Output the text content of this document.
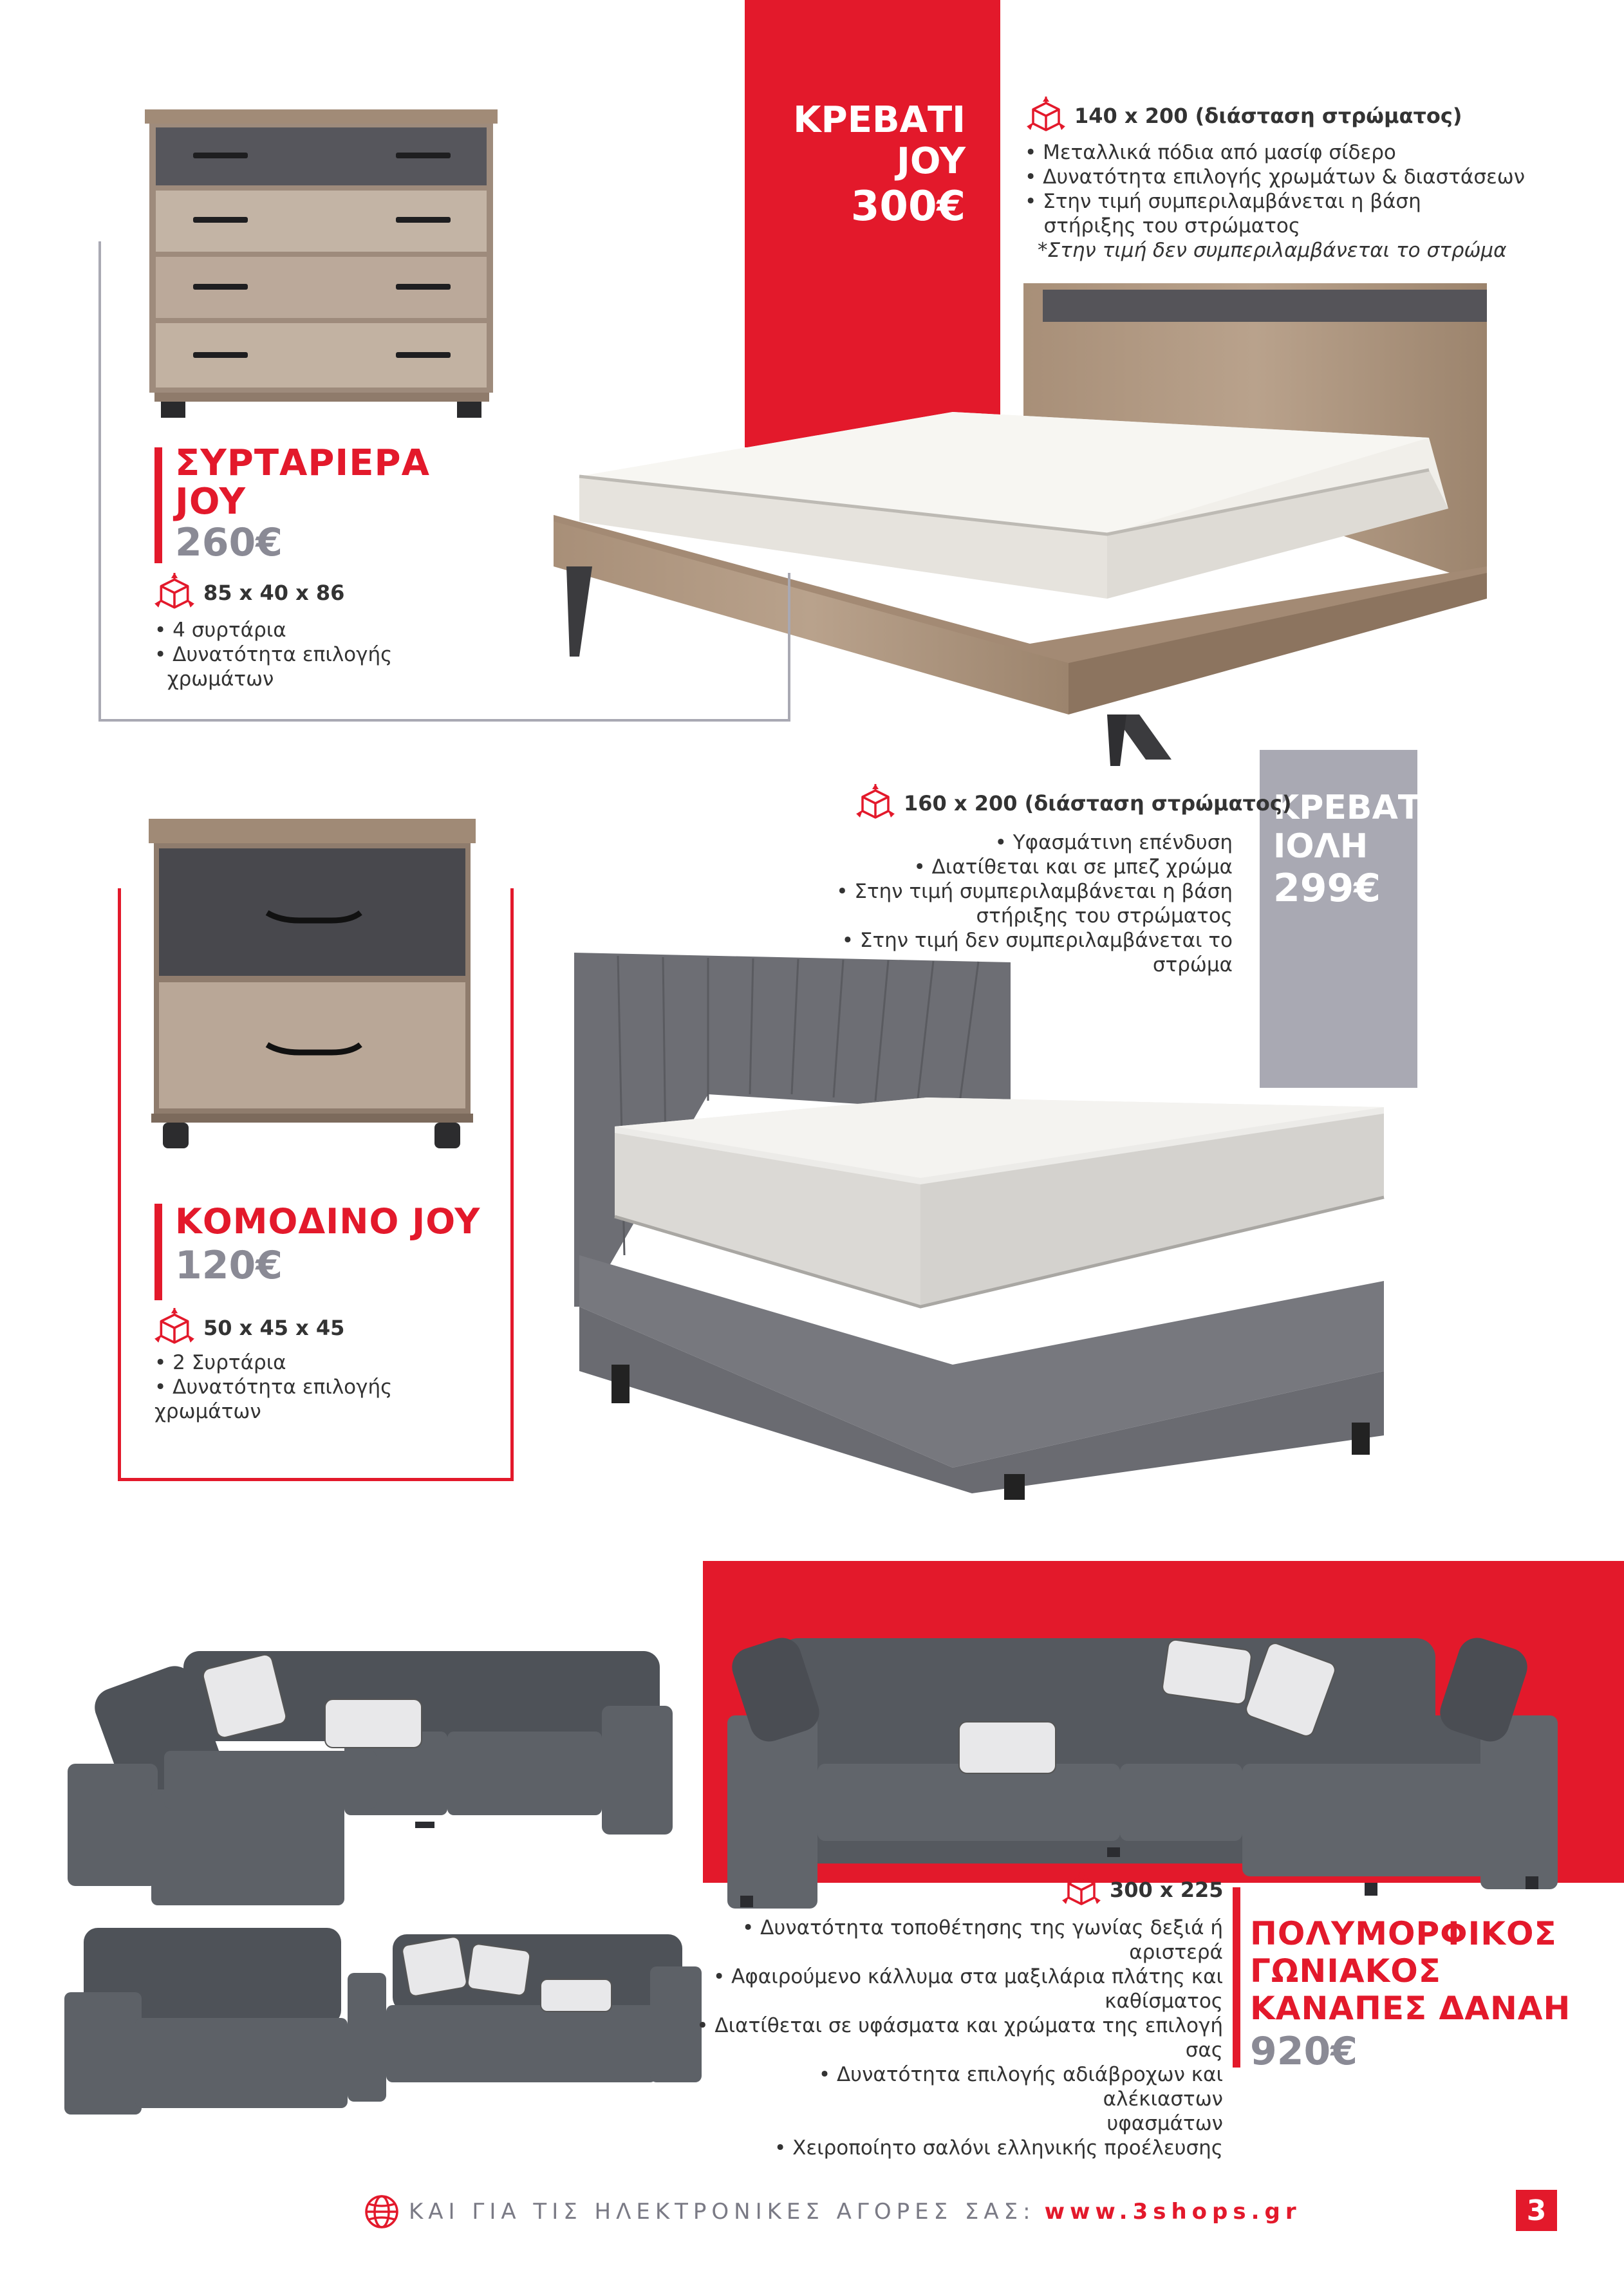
ΚΡΕΒΑΤΙ
JOY
300€
140 x 200 (διάσταση στρώματος)
• Μεταλλικά πόδια από μασίφ σίδερο
• Δυνατότητα επιλογής χρωμάτων & διαστάσεων
• Στην τιμή συμπεριλαμβάνεται η βάση
στήριξης του στρώματος
*Στην τιμή δεν συμπεριλαμβάνεται το στρώμα
ΣΥΡΤΑΡΙΕΡΑ
JOY
260€
85 x 40 x 86
• 4 συρτάρια
• Δυνατότητα επιλογής
χρωμάτων
ΚΡΕΒΑΤΙ
ΙΟΛΗ
299€
160 x 200 (διάσταση στρώματος)
• Υφασμάτινη επένδυση
• Διατίθεται και σε μπεζ χρώμα
• Στην τιμή συμπεριλαμβάνεται η βάση
στήριξης του στρώματος
• Στην τιμή δεν συμπεριλαμβάνεται το στρώμα
ΚΟΜΟΔΙΝΟ JOY
120€
50 x 45 x 45
• 2 Συρτάρια
• Δυνατότητα επιλογής χρωμάτων
300 x 225
• Δυνατότητα τοποθέτησης της γωνίας δεξιά ή αριστερά
• Αφαιρούμενο κάλλυμα στα μαξιλάρια πλάτης και
καθίσματος
• Διατίθεται σε υφάσματα και χρώματα της επιλογή σας
• Δυνατότητα επιλογής αδιάβροχων και αλέκιαστων
υφασμάτων
• Χειροποίητο σαλόνι ελληνικής προέλευσης
ΠΟΛΥΜΟΡΦΙΚΟΣ
ΓΩΝΙΑΚΟΣ
ΚΑΝΑΠΕΣ ΔΑΝΑΗ
920€
ΚΑΙ ΓΙΑ ΤΙΣ ΗΛΕΚΤΡΟΝΙΚΕΣ ΑΓΟΡΕΣ ΣΑΣ: www.3shops.gr	3
